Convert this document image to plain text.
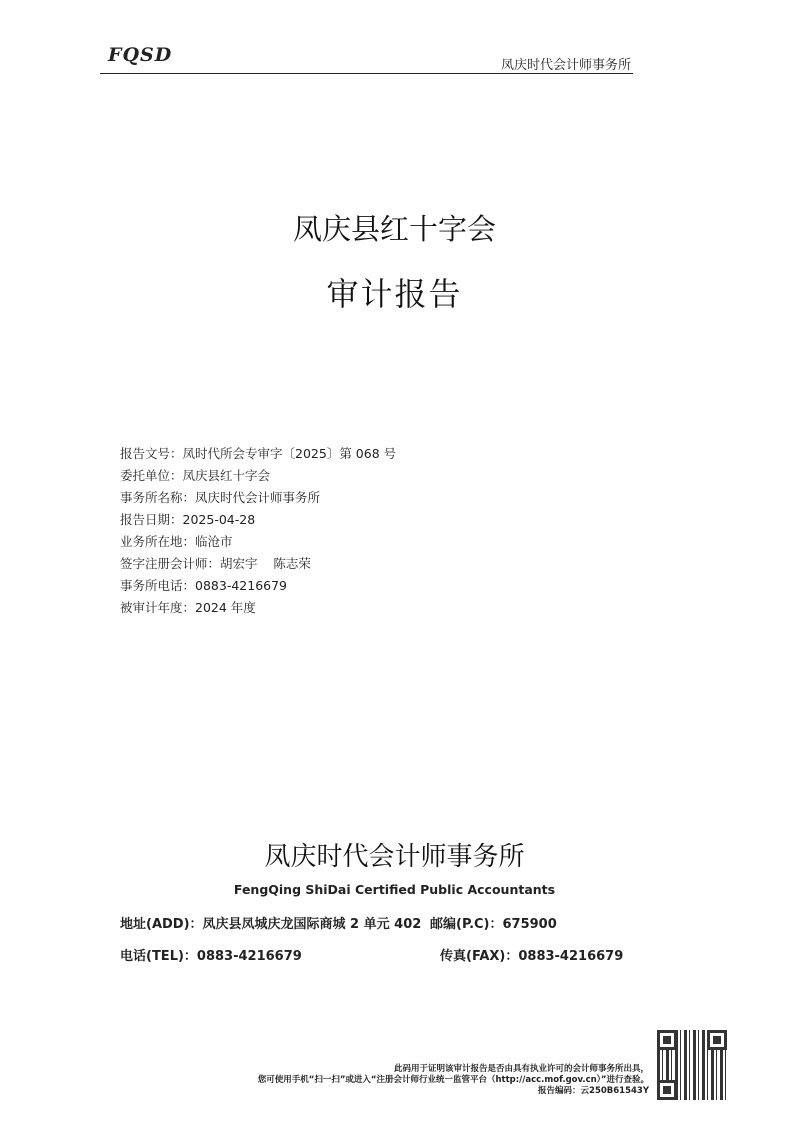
FQSD	凤庆时代会计师事务所
凤庆县红十字会
审计报告
报告文号：凤时代所会专审字〔2025〕第 068 号
委托单位：凤庆县红十字会
事务所名称：凤庆时代会计师事务所
报告日期：2025-04-28
业务所在地：临沧市
签字注册会计师：胡宏宇    陈志荣
事务所电话：0883-4216679
被审计年度：2024 年度
凤庆时代会计师事务所
FengQing ShiDai Certified Public Accountants
地址(ADD)：凤庆县凤城庆龙国际商城 2 单元 402 邮编(P.C)：675900
电话(TEL)：0883-4216679	传真(FAX)：0883-4216679
此码用于证明该审计报告是否由具有执业许可的会计师事务所出具，
您可使用手机“扫一扫”或进入“注册会计师行业统一监管平台（http://acc.mof.gov.cn）”进行查验。
报告编码：云250B61543Y
